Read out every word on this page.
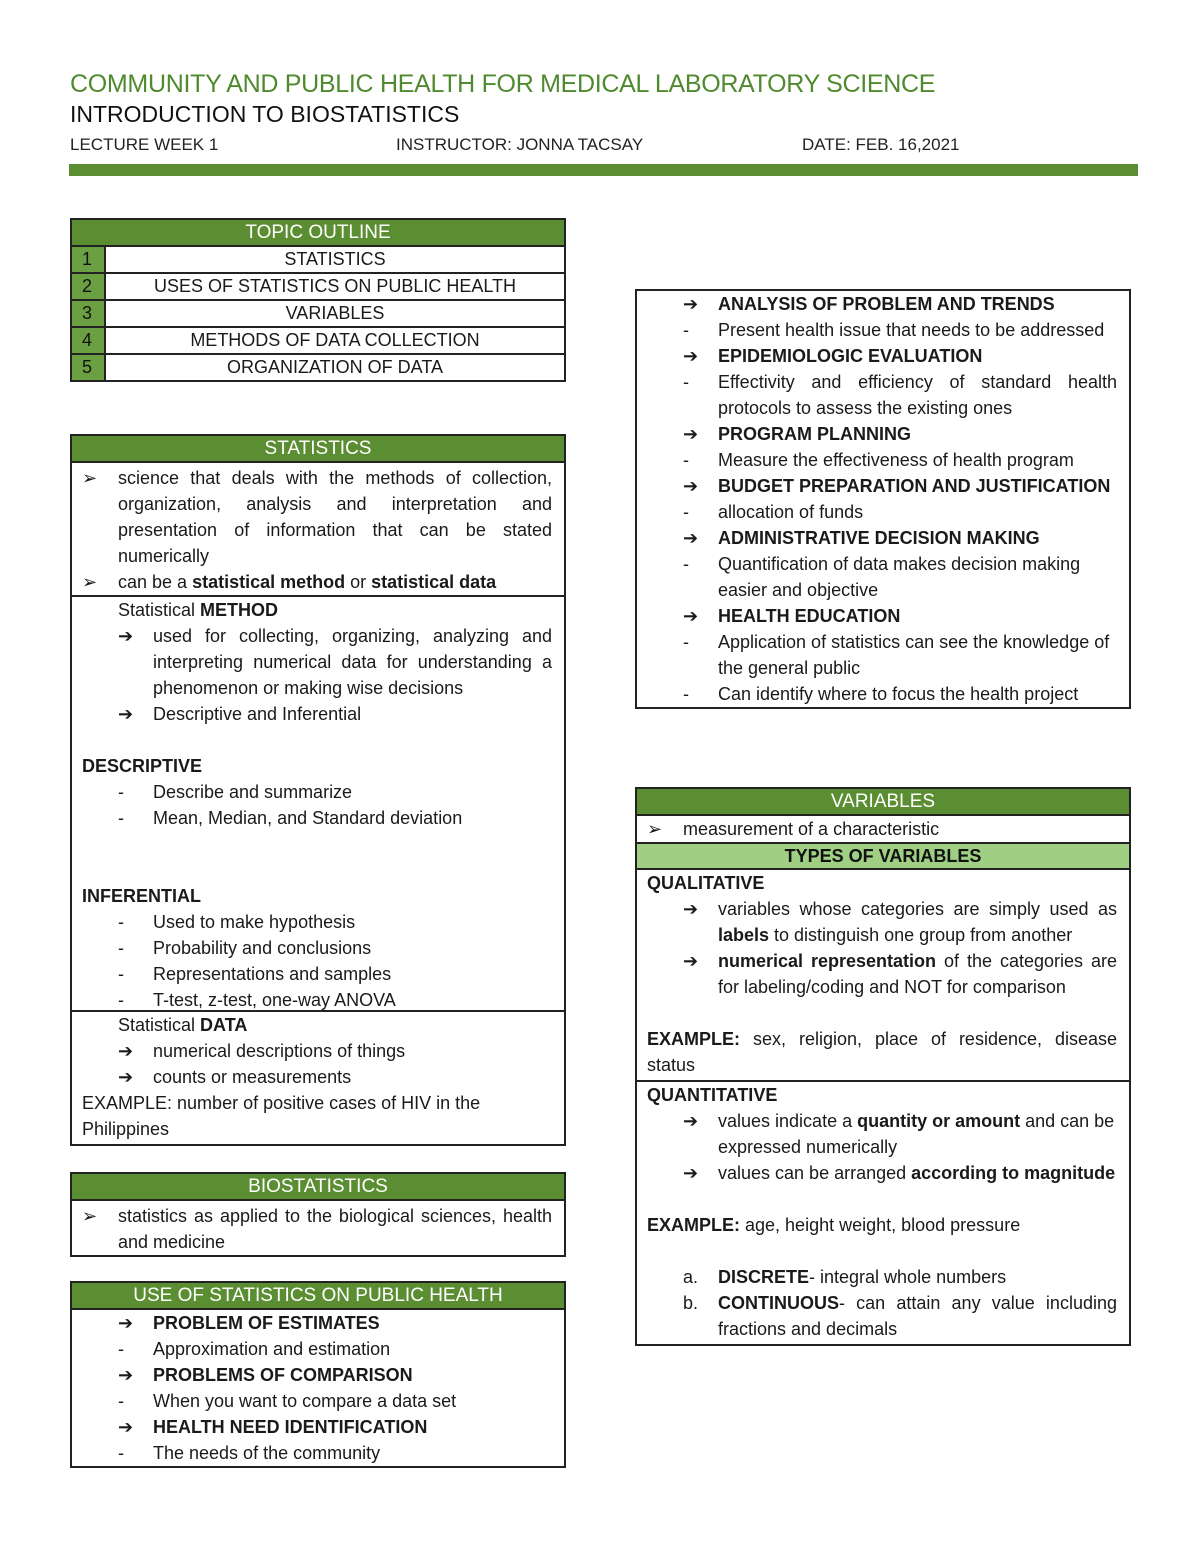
COMMUNITY AND PUBLIC HEALTH FOR MEDICAL LABORATORY SCIENCE
INTRODUCTION TO BIOSTATISTICS
LECTURE WEEK 1	INSTRUCTOR: JONNA TACSAY	DATE: FEB. 16,2021
TOPIC OUTLINE
1	STATISTICS
2	USES OF STATISTICS ON PUBLIC HEALTH
3	VARIABLES
4	METHODS OF DATA COLLECTION
5	ORGANIZATION OF DATA
STATISTICS
➢	science that deals with the methods of collection, organization, analysis and interpretation and presentation of information that can be stated numerically
➢	can be a statistical method or statistical data
Statistical METHOD
➔	used for collecting, organizing, analyzing and interpreting numerical data for understanding a phenomenon or making wise decisions
➔	Descriptive and Inferential
DESCRIPTIVE
-	Describe and summarize
-	Mean, Median, and Standard deviation
INFERENTIAL
-	Used to make hypothesis
-	Probability and conclusions
-	Representations and samples
-	T-test, z-test, one-way ANOVA
Statistical DATA
➔	numerical descriptions of things
➔	counts or measurements
EXAMPLE: number of positive cases of HIV in the Philippines
BIOSTATISTICS
➢	statistics as applied to the biological sciences, health and medicine
USE OF STATISTICS ON PUBLIC HEALTH
➔	PROBLEM OF ESTIMATES
-	Approximation and estimation
➔	PROBLEMS OF COMPARISON
-	When you want to compare a data set
➔	HEALTH NEED IDENTIFICATION
-	The needs of the community
➔	ANALYSIS OF PROBLEM AND TRENDS
-	Present health issue that needs to be addressed
➔	EPIDEMIOLOGIC EVALUATION
-	Effectivity and efficiency of standard health protocols to assess the existing ones
➔	PROGRAM PLANNING
-	Measure the effectiveness of health program
➔	BUDGET PREPARATION AND JUSTIFICATION
-	allocation of funds
➔	ADMINISTRATIVE DECISION MAKING
-	Quantification of data makes decision making easier and objective
➔	HEALTH EDUCATION
-	Application of statistics can see the knowledge of the general public
-	Can identify where to focus the health project
VARIABLES
➢	measurement of a characteristic
TYPES OF VARIABLES
QUALITATIVE
➔	variables whose categories are simply used as labels to distinguish one group from another
➔	numerical representation of the categories are for labeling/coding and NOT for comparison
EXAMPLE: sex, religion, place of residence, disease status
QUANTITATIVE
➔	values indicate a quantity or amount and can be expressed numerically
➔	values can be arranged according to magnitude
EXAMPLE: age, height weight, blood pressure
a.	DISCRETE- integral whole numbers
b.	CONTINUOUS- can attain any value including fractions and decimals
